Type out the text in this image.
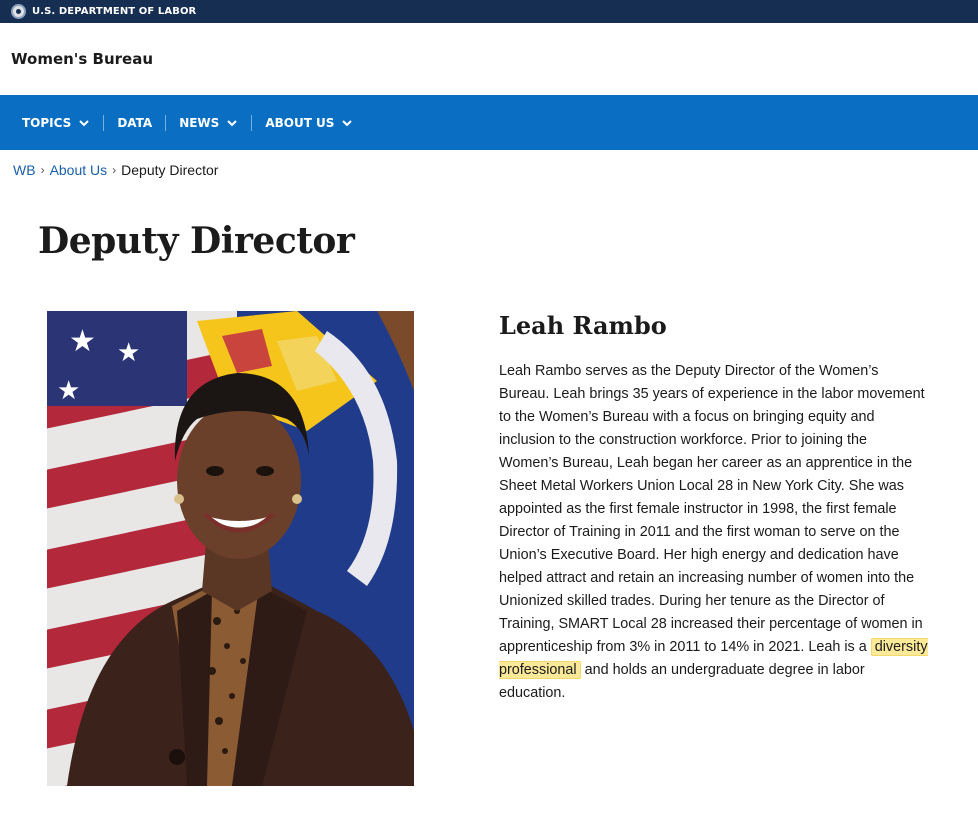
U.S. DEPARTMENT OF LABOR
Women's Bureau
TOPICS	DATA NEWS	ABOUT US
WB › About Us › Deputy Director
Deputy Director
★ ★
★
Leah Rambo

Leah Rambo serves as the Deputy Director of the Women’s Bureau. Leah brings 35 years of experience in the labor movement to the Women’s Bureau with a focus on bringing equity and inclusion to the construction workforce. Prior to joining the Women’s Bureau, Leah began her career as an apprentice in the Sheet Metal Workers Union Local 28 in New York City. She was appointed as the first female instructor in 1998, the first female Director of Training in 2011 and the first woman to serve on the Union’s Executive Board. Her high energy and dedication have helped attract and retain an increasing number of women into the Unionized skilled trades. During her tenure as the Director of Training, SMART Local 28 increased their percentage of women in apprenticeship from 3% in 2011 to 14% in 2021. Leah is a diversity professional and holds an undergraduate degree in labor education.
